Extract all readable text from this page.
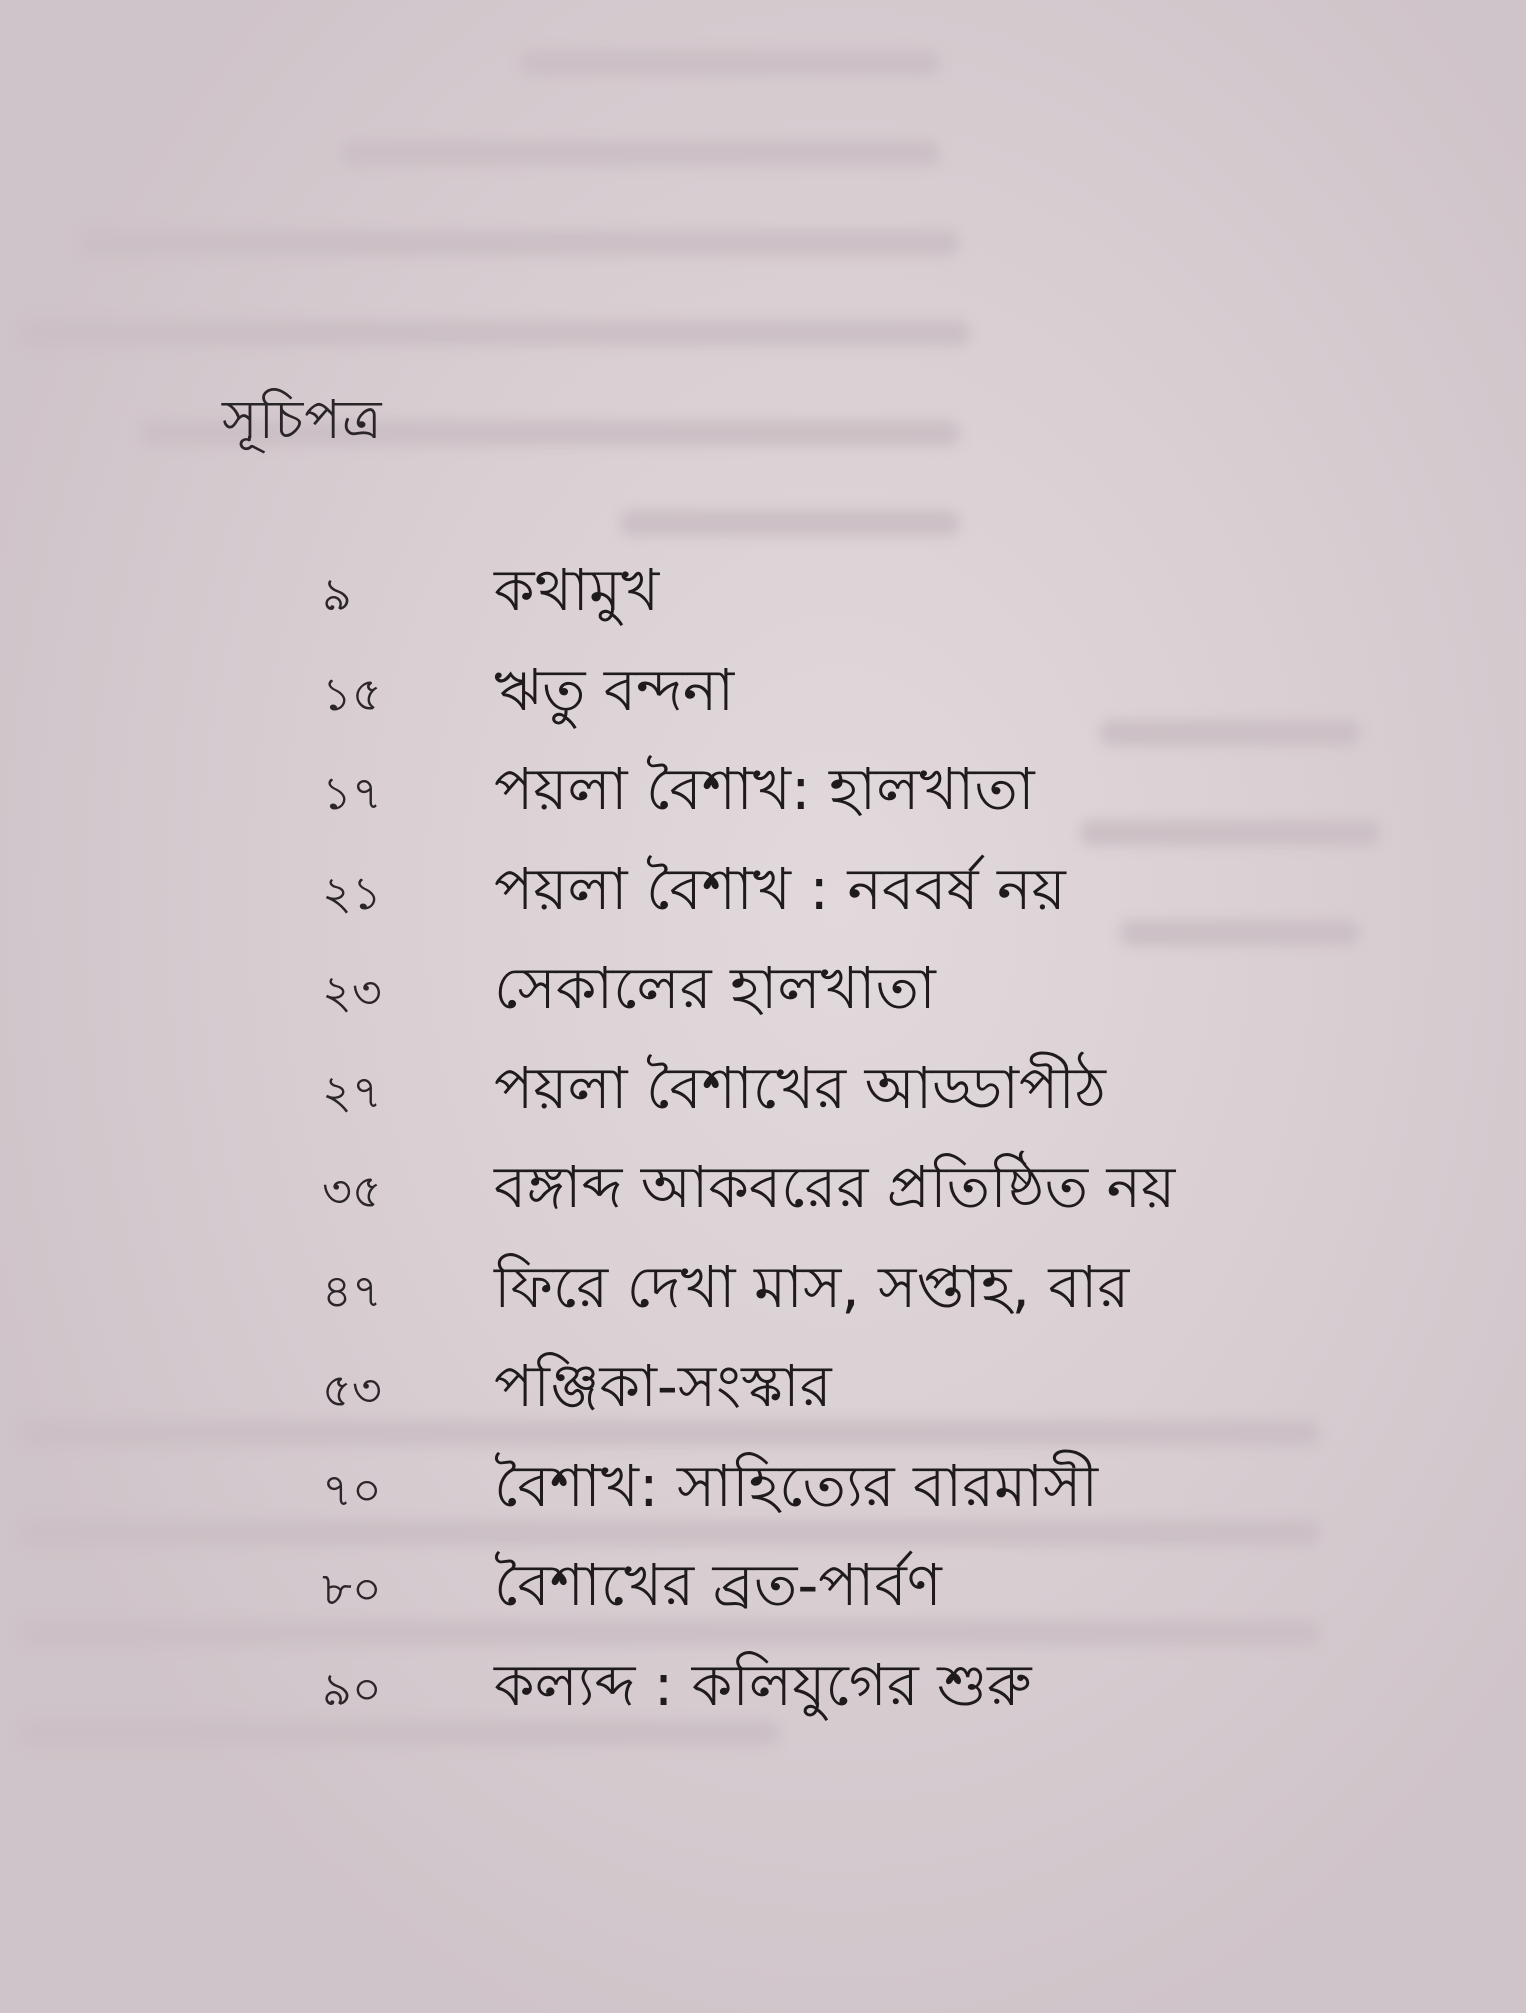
সূচিপত্র
৯	কথামুখ
১৫	ঋতু বন্দনা
১৭	পয়লা বৈশাখ: হালখাতা
২১	পয়লা বৈশাখ : নববর্ষ নয়
২৩	সেকালের হালখাতা
২৭	পয়লা বৈশাখের আড্ডাপীঠ
৩৫	বঙ্গাব্দ আকবরের প্রতিষ্ঠিত নয়
৪৭	ফিরে দেখা মাস, সপ্তাহ, বার
৫৩	পঞ্জিকা-সংস্কার
৭০	বৈশাখ: সাহিত্যের বারমাসী
৮০	বৈশাখের ব্রত-পার্বণ
৯০	কল্যব্দ : কলিযুগের শুরু
